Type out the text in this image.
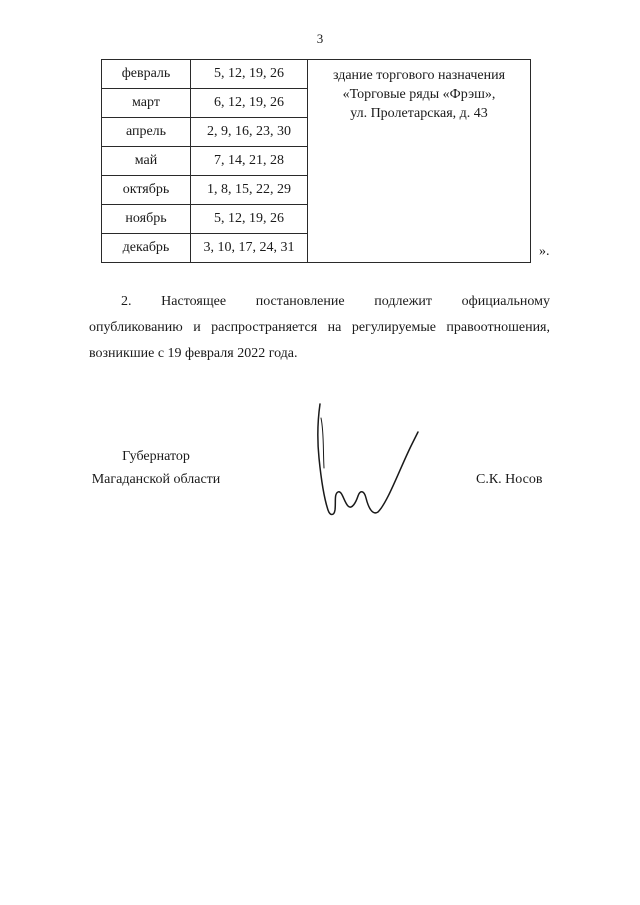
3
февраль	5, 12, 19, 26	здание торгового назначения
«Торговые ряды «Фрэш»,
ул. Пролетарская, д. 43

март	6, 12, 19, 26	
апрель	2, 9, 16, 23, 30	
май	7, 14, 21, 28	
октябрь	1, 8, 15, 22, 29	
ноябрь	5, 12, 19, 26	
декабрь	3, 10, 17, 24, 31		».
2. Настоящее постановление подлежит официальному
опубликованию и распространяется на регулируемые правоотношения,
возникшие с 19 февраля 2022 года.
Губернатор
Магаданской области	С.К. Носов
